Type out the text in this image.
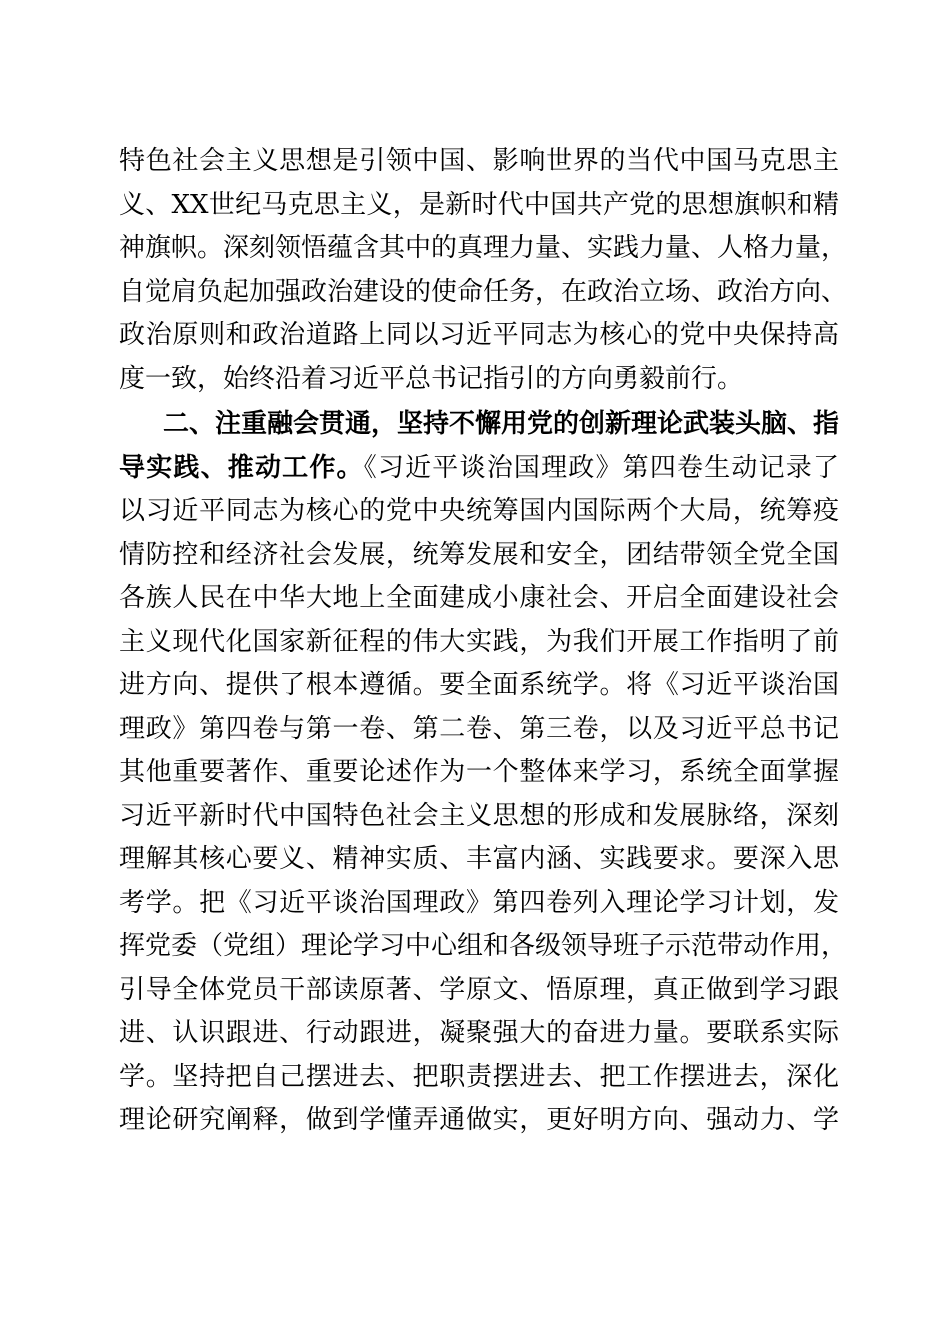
特色社会主义思想是引领中国、影响世界的当代中国马克思主
义、XX世纪马克思主义，是新时代中国共产党的思想旗帜和精
神旗帜。深刻领悟蕴含其中的真理力量、实践力量、人格力量，
自觉肩负起加强政治建设的使命任务，在政治立场、政治方向、
政治原则和政治道路上同以习近平同志为核心的党中央保持高
度一致，始终沿着习近平总书记指引的方向勇毅前行。
二、注重融会贯通，坚持不懈用党的创新理论武装头脑、指
导实践、推动工作。《习近平谈治国理政》第四卷生动记录了
以习近平同志为核心的党中央统筹国内国际两个大局，统筹疫
情防控和经济社会发展，统筹发展和安全，团结带领全党全国
各族人民在中华大地上全面建成小康社会、开启全面建设社会
主义现代化国家新征程的伟大实践，为我们开展工作指明了前
进方向、提供了根本遵循。要全面系统学。将《习近平谈治国
理政》第四卷与第一卷、第二卷、第三卷，以及习近平总书记
其他重要著作、重要论述作为一个整体来学习，系统全面掌握
习近平新时代中国特色社会主义思想的形成和发展脉络，深刻
理解其核心要义、精神实质、丰富内涵、实践要求。要深入思
考学。把《习近平谈治国理政》第四卷列入理论学习计划，发
挥党委（党组）理论学习中心组和各级领导班子示范带动作用，
引导全体党员干部读原著、学原文、悟原理，真正做到学习跟
进、认识跟进、行动跟进，凝聚强大的奋进力量。要联系实际
学。坚持把自己摆进去、把职责摆进去、把工作摆进去，深化
理论研究阐释，做到学懂弄通做实，更好明方向、强动力、学
